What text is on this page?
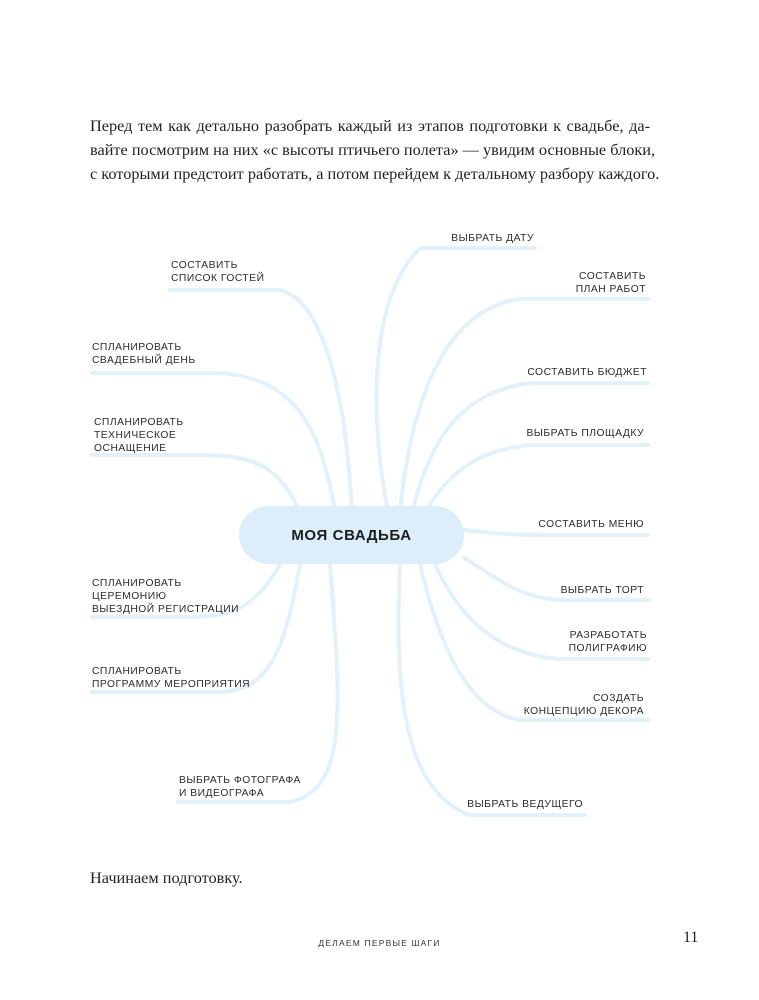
Перед тем как детально разобрать каждый из этапов подготовки к свадьбе, да-
вайте посмотрим на них «с высоты птичьего полета» — увидим основные блоки,
с которыми предстоит работать, а потом перейдем к детальному разбору каждого.

МОЯ СВАДЬБА
ВЫБРАТЬ ДАТУ
СОСТАВИТЬ
ПЛАН РАБОТ
СОСТАВИТЬ БЮДЖЕТ
ВЫБРАТЬ ПЛОЩАДКУ
СОСТАВИТЬ МЕНЮ
ВЫБРАТЬ ТОРТ
РАЗРАБОТАТЬ
ПОЛИГРАФИЮ
СОЗДАТЬ
КОНЦЕПЦИЮ ДЕКОРА
ВЫБРАТЬ ВЕДУЩЕГО
СОСТАВИТЬ
СПИСОК ГОСТЕЙ
СПЛАНИРОВАТЬ
СВАДЕБНЫЙ ДЕНЬ
СПЛАНИРОВАТЬ
ТЕХНИЧЕСКОЕ
ОСНАЩЕНИЕ
СПЛАНИРОВАТЬ
ЦЕРЕМОНИЮ
ВЫЕЗДНОЙ РЕГИСТРАЦИИ
СПЛАНИРОВАТЬ
ПРОГРАММУ МЕРОПРИЯТИЯ
ВЫБРАТЬ ФОТОГРАФА
И ВИДЕОГРАФА
Начинаем подготовку.
ДЕЛАЕМ ПЕРВЫЕ ШАГИ	11
